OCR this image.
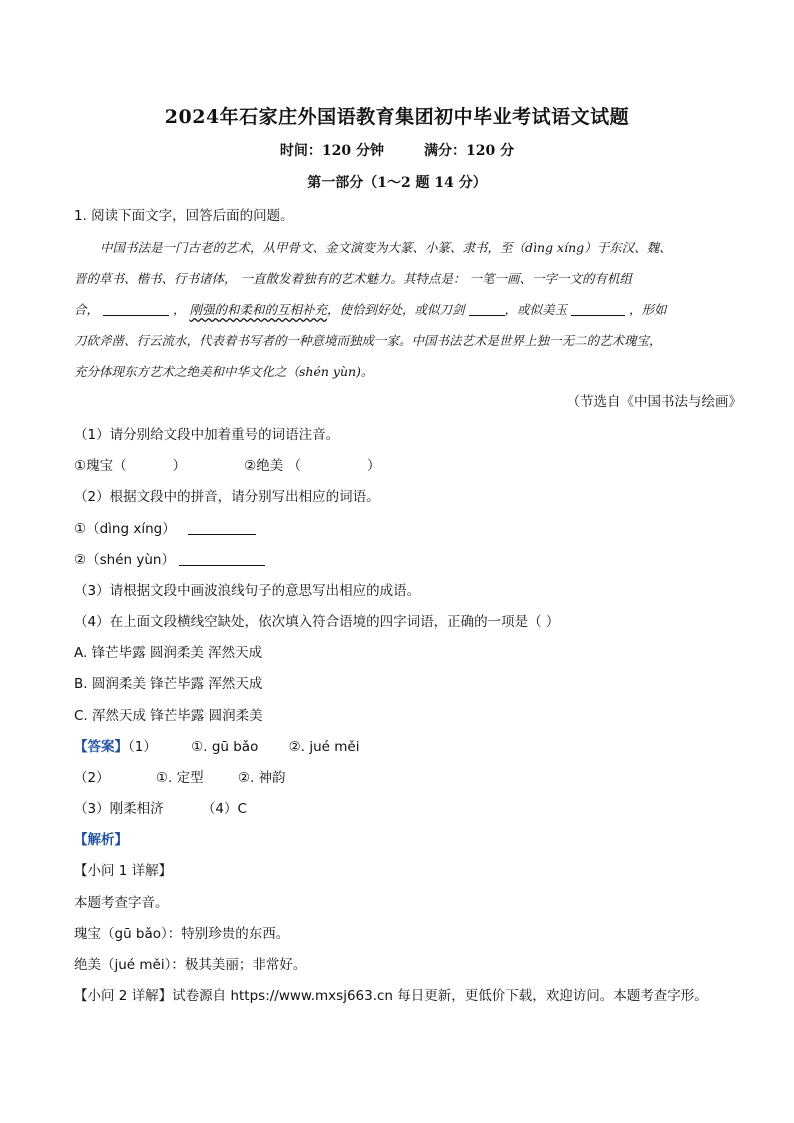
2024年石家庄外国语教育集团初中毕业考试语文试题
时间：120 分钟	满分：120 分
第一部分（1～2 题 14 分）
1. 阅读下面文字，回答后面的问题。
中国书法是一门古老的艺术，从甲骨文、金文演变为大篆、小篆、隶书，至（dìng xíng）于东汉、魏、
晋的草书、楷书、行书诸体， 一直散发着独有的艺术魅力。其特点是： 一笔一画、一字一文的有机组
合，	， 刚强的和柔和的互相补充，使恰到好处，或似刀剑	，或似美玉	，形如
刀砍斧凿、行云流水，代表着书写者的一种意境而独成一家。中国书法艺术是世界上独一无二的艺术瑰宝，
充分体现东方艺术之绝美和中华文化之（shén yùn)。
（节选自《中国书法与绘画》
（1）请分别给文段中加着重号的词语注音。
①瑰宝（	）	②绝美 （	）
（2）根据文段中的拼音，请分别写出相应的词语。
①（dìng xíng）
②（shén yùn）
（3）请根据文段中画波浪线句子的意思写出相应的成语。
（4）在上面文段横线空缺处，依次填入符合语境的四字词语，正确的一项是（ ）
A. 锋芒毕露 圆润柔美 浑然天成
B. 圆润柔美 锋芒毕露 浑然天成
C. 浑然天成 锋芒毕露 圆润柔美
【答案】（1）	①. gū bǎo ②. jué měi
（2）	①. 定型	②. 神韵
（3）刚柔相济	（4）C
【解析】
【小问 1 详解】
本题考查字音。
瑰宝（gū bǎo）：特别珍贵的东西。
绝美（jué měi）：极其美丽；非常好。
【小问 2 详解】试卷源自 https://www.mxsj663.cn 每日更新，更低价下载，欢迎访问。本题考查字形。
